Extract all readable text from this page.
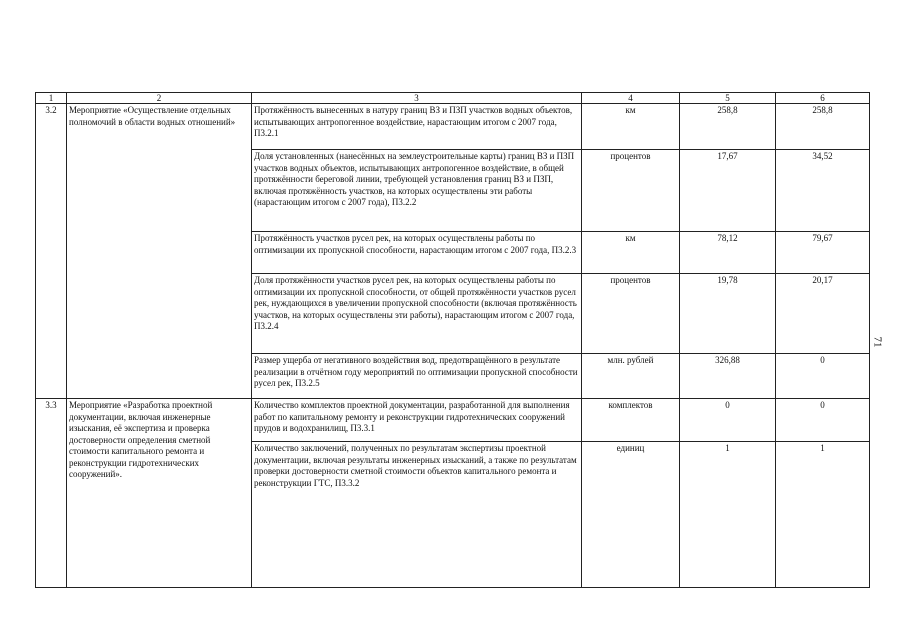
1	2	3	4	5	6
3.2	Мероприятие «Осуществление отдельных полномочий в области водных отношений»	Протяжённость вынесенных в натуру границ ВЗ и ПЗП участков водных объектов, испытывающих антропогенное воздействие, нарастающим итогом с 2007 года, П3.2.1	км	258,8	258,8
		Доля установленных (нанесённых на землеустроительные карты) границ ВЗ и ПЗП участков водных объектов, испытывающих антропогенное воздействие, в общей протяжённости береговой линии, требующей установления границ ВЗ и ПЗП, включая протяжённость участков, на которых осуществлены эти работы (нарастающим итогом с 2007 года), П3.2.2	процентов	17,67	34,52
		Протяжённость участков русел рек, на которых осуществлены работы по оптимизации их пропускной способности, нарастающим итогом с 2007 года, П3.2.3	км	78,12	79,67
		Доля протяжённости участков русел рек, на которых осуществлены работы по оптимизации их пропускной способности, от общей протяжённости участков русел рек, нуждающихся в увеличении пропускной способности (включая протяжённость участков, на которых осуществлены эти работы), нарастающим итогом с 2007 года, П3.2.4	процентов	19,78	20,17
		Размер ущерба от негативного воздействия вод, предотвращённого в результате реализации в отчётном году мероприятий по оптимизации пропускной способности русел рек, П3.2.5	млн. рублей	326,88	0
3.3	Мероприятие «Разработка проектной документации, включая инженерные изыскания, её экспертиза и проверка достоверности определения сметной стоимости капитального ремонта и реконструкции гидротехнических сооружений».	Количество комплектов проектной документации, разработанной для выполнения работ по капитальному ремонту и реконструкции гидротехнических сооружений прудов и водохранилищ, П3.3.1	комплектов	0	0
		Количество заключений, полученных по результатам экспертизы проектной документации, включая результаты инженерных изысканий, а также по результатам проверки достоверности сметной стоимости объектов капитального ремонта и реконструкции ГТС, П3.3.2	единиц	1	1
71
